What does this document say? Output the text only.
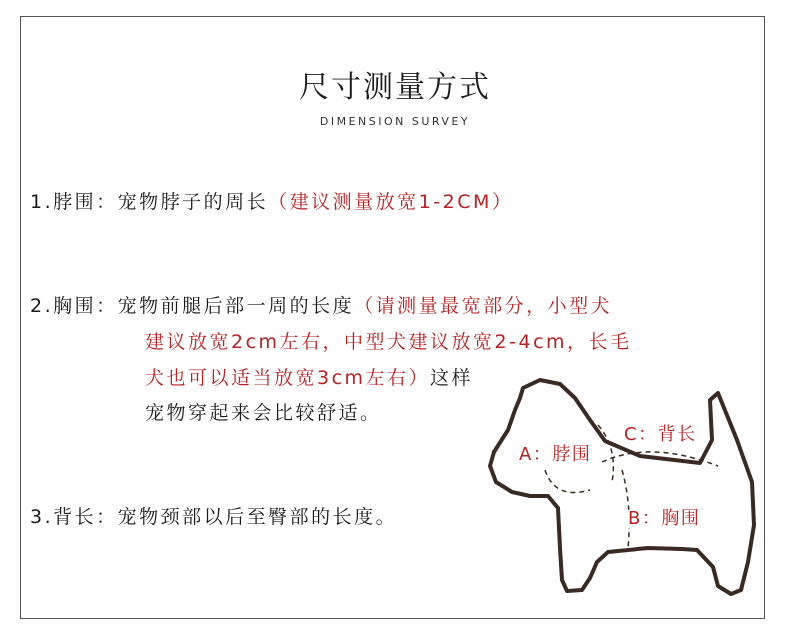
尺寸测量方式
DIMENSION SURVEY
1.脖围：宠物脖子的周长（建议测量放宽1-2CM）
2.胸围：宠物前腿后部一周的长度（请测量最宽部分，小型犬
建议放宽2cm左右，中型犬建议放宽2-4cm，长毛
犬也可以适当放宽3cm左右）这样
宠物穿起来会比较舒适。
3.背长：宠物颈部以后至臀部的长度。
A：脖围
C：背长
B：胸围
